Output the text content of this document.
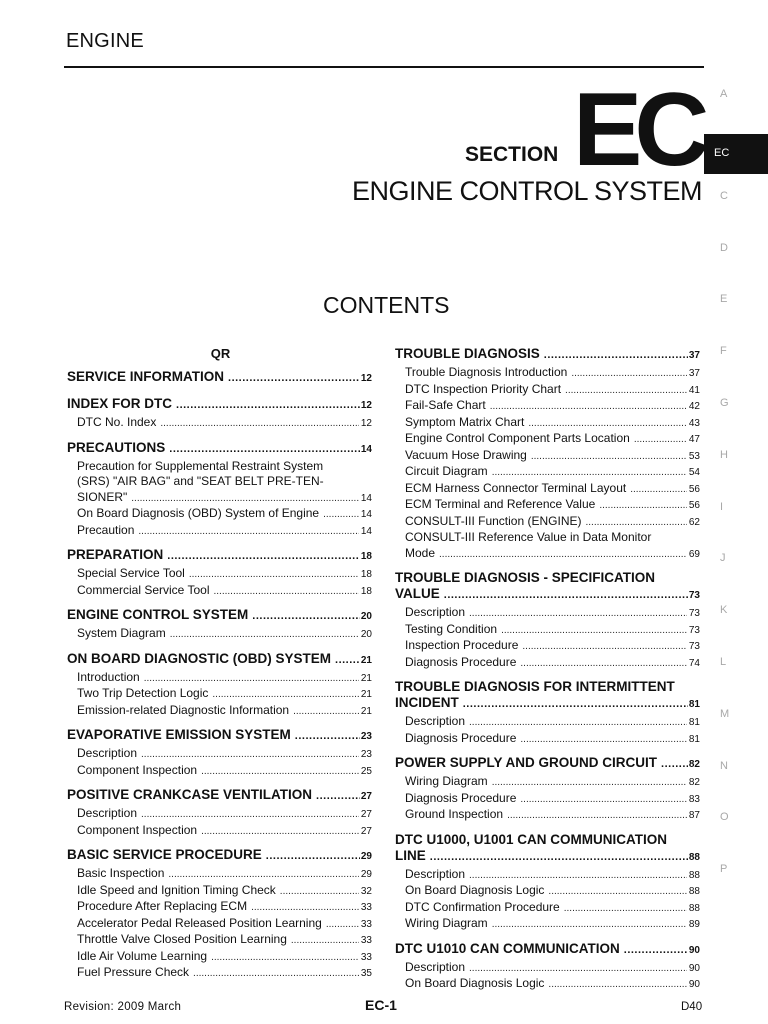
ENGINE
SECTION EC
ENGINE CONTROL SYSTEM
CONTENTS
QR
SERVICE INFORMATION .....	12
INDEX FOR DTC .....	12
DTC No. Index .....	12
PRECAUTIONS .....	14
Precaution for Supplemental Restraint System
(SRS) "AIR BAG" and "SEAT BELT PRE-TEN-
SIONER" .....	14
On Board Diagnosis (OBD) System of Engine .....	14
Precaution .....	14
PREPARATION .....	18
Special Service Tool .....	18
Commercial Service Tool .....	18
ENGINE CONTROL SYSTEM .....	20
System Diagram .....	20
ON BOARD DIAGNOSTIC (OBD) SYSTEM .....	21
Introduction .....	21
Two Trip Detection Logic .....	21
Emission-related Diagnostic Information .....	21
EVAPORATIVE EMISSION SYSTEM .....	23
Description .....	23
Component Inspection .....	25
POSITIVE CRANKCASE VENTILATION .....	27
Description .....	27
Component Inspection .....	27
BASIC SERVICE PROCEDURE .....	29
Basic Inspection .....	29
Idle Speed and Ignition Timing Check .....	32
Procedure After Replacing ECM .....	33
Accelerator Pedal Released Position Learning .....	33
Throttle Valve Closed Position Learning .....	33
Idle Air Volume Learning .....	33
Fuel Pressure Check .....	35
TROUBLE DIAGNOSIS .....	37
Trouble Diagnosis Introduction .....	37
DTC Inspection Priority Chart .....	41
Fail-Safe Chart .....	42
Symptom Matrix Chart .....	43
Engine Control Component Parts Location .....	47
Vacuum Hose Drawing .....	53
Circuit Diagram .....	54
ECM Harness Connector Terminal Layout .....	56
ECM Terminal and Reference Value .....	56
CONSULT-III Function (ENGINE) .....	62
CONSULT-III Reference Value in Data Monitor
Mode .....	69
TROUBLE DIAGNOSIS - SPECIFICATION
VALUE .....	73
Description .....	73
Testing Condition .....	73
Inspection Procedure .....	73
Diagnosis Procedure .....	74
TROUBLE DIAGNOSIS FOR INTERMITTENT
INCIDENT .....	81
Description .....	81
Diagnosis Procedure .....	81
POWER SUPPLY AND GROUND CIRCUIT .....	82
Wiring Diagram .....	82
Diagnosis Procedure .....	83
Ground Inspection .....	87
DTC U1000, U1001 CAN COMMUNICATION
LINE .....	88
Description .....	88
On Board Diagnosis Logic .....	88
DTC Confirmation Procedure .....	88
Wiring Diagram .....	89
DTC U1010 CAN COMMUNICATION .....	90
Description .....	90
On Board Diagnosis Logic .....	90
A
EC
C
D
E
F
G
H
I
J
K
L
M
N
O
P
Revision: 2009 March	EC-1	D40
